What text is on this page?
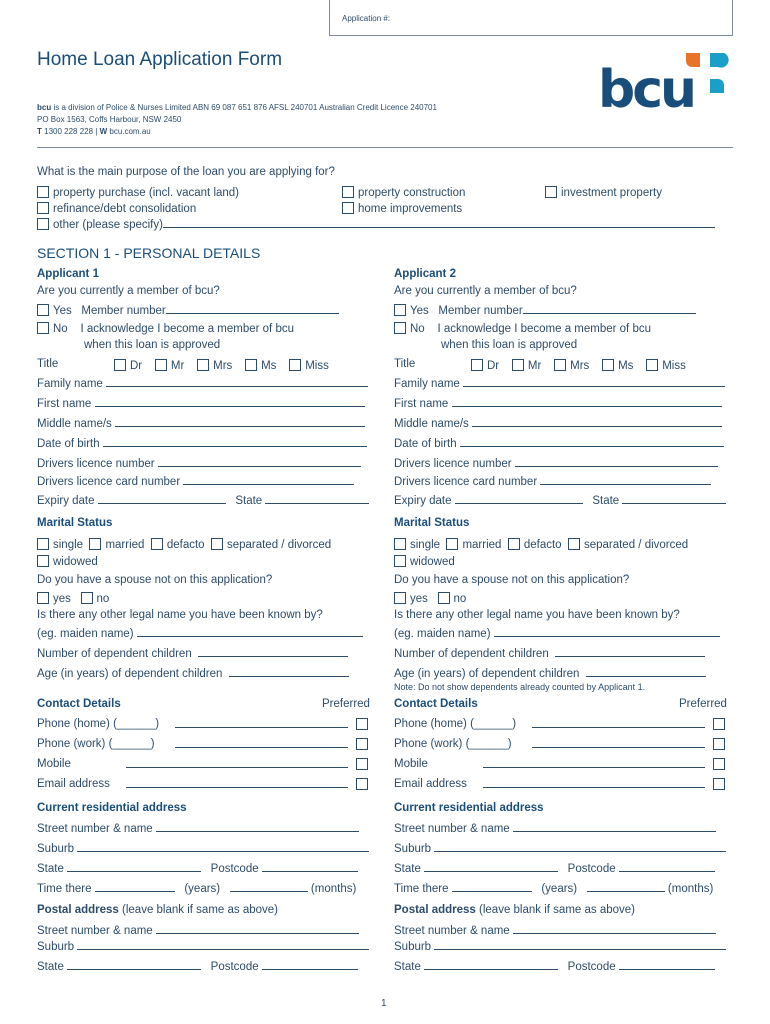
Application #:
Home Loan Application Form
bcu
bcu is a division of Police & Nurses Limited ABN 69 087 651 876 AFSL 240701 Australian Credit Licence 240701
PO Box 1563, Coffs Harbour, NSW 2450
T 1300 228 228 | W bcu.com.au
What is the main purpose of the loan you are applying for?
property purchase (incl. vacant land)	property construction	investment property
refinance/debt consolidation	home improvements
other (please specify)
SECTION 1 - PERSONAL DETAILS
Applicant 1
Are you currently a member of bcu?
Yes Member number
No I acknowledge I become a member of bcu
when this loan is approved
Title	Dr	Mr	Mrs	Ms	Miss
Family name
First name
Middle name/s
Date of birth
Drivers licence number
Drivers licence card number
Expiry date	State
Marital Status
single married defacto separated / divorced
widowed
Do you have a spouse not on this application?
yes no
Is there any other legal name you have been known by?
(eg. maiden name)
Number of dependent children
Age (in years) of dependent children
Contact Details	Preferred
Phone (home) (______)
Phone (work) (______)
Mobile
Email address
Current residential address
Street number & name
Suburb
State	Postcode
Time there	(years)	(months)
Postal address (leave blank if same as above)
Street number & name
Suburb
State	Postcode
Applicant 2
Are you currently a member of bcu?
Yes Member number
No I acknowledge I become a member of bcu
when this loan is approved
Title	Dr	Mr	Mrs	Ms	Miss
Family name
First name
Middle name/s
Date of birth
Drivers licence number
Drivers licence card number
Expiry date	State
Marital Status
single married defacto separated / divorced
widowed
Do you have a spouse not on this application?
yes no
Is there any other legal name you have been known by?
(eg. maiden name)
Number of dependent children
Age (in years) of dependent children
Note: Do not show dependents already counted by Applicant 1.
Contact Details	Preferred
Phone (home) (______)
Phone (work) (______)
Mobile
Email address
Current residential address
Street number & name
Suburb
State	Postcode
Time there	(years)	(months)
Postal address (leave blank if same as above)
Street number & name
Suburb
State	Postcode
1
